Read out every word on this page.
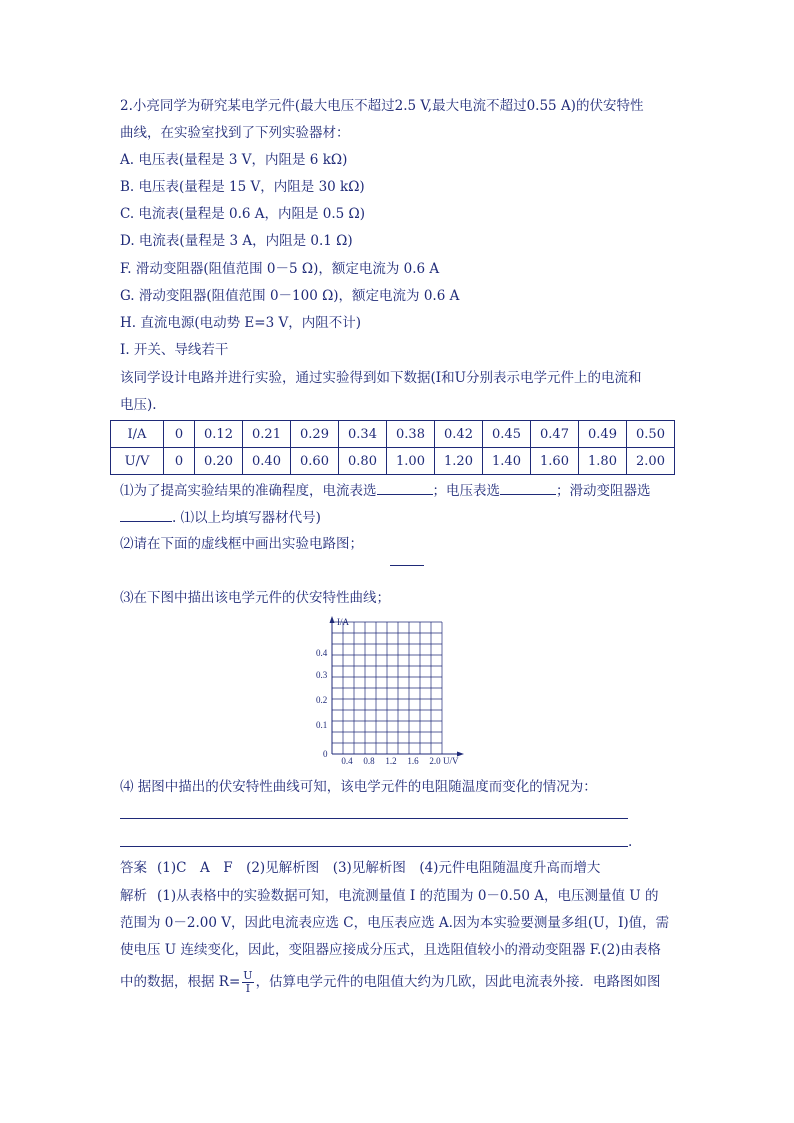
2.小亮同学为研究某电学元件(最大电压不超过2.5 V,最大电流不超过0.55 A)的伏安特性
曲线，在实验室找到了下列实验器材：
A. 电压表(量程是 3 V，内阻是 6 kΩ)
B. 电压表(量程是 15 V，内阻是 30 kΩ)
C. 电流表(量程是 0.6 A，内阻是 0.5 Ω)
D. 电流表(量程是 3 A，内阻是 0.1 Ω)
F. 滑动变阻器(阻值范围 0－5 Ω)，额定电流为 0.6 A
G. 滑动变阻器(阻值范围 0－100 Ω)，额定电流为 0.6 A
H. 直流电源(电动势 E=3 V，内阻不计)
I. 开关、导线若干
该同学设计电路并进行实验，通过实验得到如下数据(I和U分别表示电学元件上的电流和
电压).
I/A	0	0.12	0.21	0.29	0.34	0.38	0.42	0.45	0.47	0.49	0.50
U/V	0	0.20	0.40	0.60	0.80	1.00	1.20	1.40	1.60	1.80	2.00
⑴为了提高实验结果的准确程度，电流表选	；电压表选	；滑动变阻器选
. ⑴以上均填写器材代号)
⑵请在下面的虚线框中画出实验电路图；
⑶在下图中描出该电学元件的伏安特性曲线；
I/A
U/V
0
0.1
0.2
0.3
0.4
0.4 0.8 1.2 1.6 2.0
⑷ 据图中描出的伏安特性曲线可知，该电学元件的电阻随温度而变化的情况为：
.
答案 (1)C　A　F　(2)见解析图　(3)见解析图　(4)元件电阻随温度升高而增大
解析 (1)从表格中的实验数据可知，电流测量值 I 的范围为 0－0.50 A，电压测量值 U 的
范围为 0－2.00 V，因此电流表应选 C，电压表应选 A.因为本实验要测量多组(U，I)值，需
使电压 U 连续变化，因此，变阻器应接成分压式，且选阻值较小的滑动变阻器 F.(2)由表格
中的数据，根据 $R= \frac{U}{I}$ ，估算电学元件的电阻值大约为几欧，因此电流表外接．电路图如图
